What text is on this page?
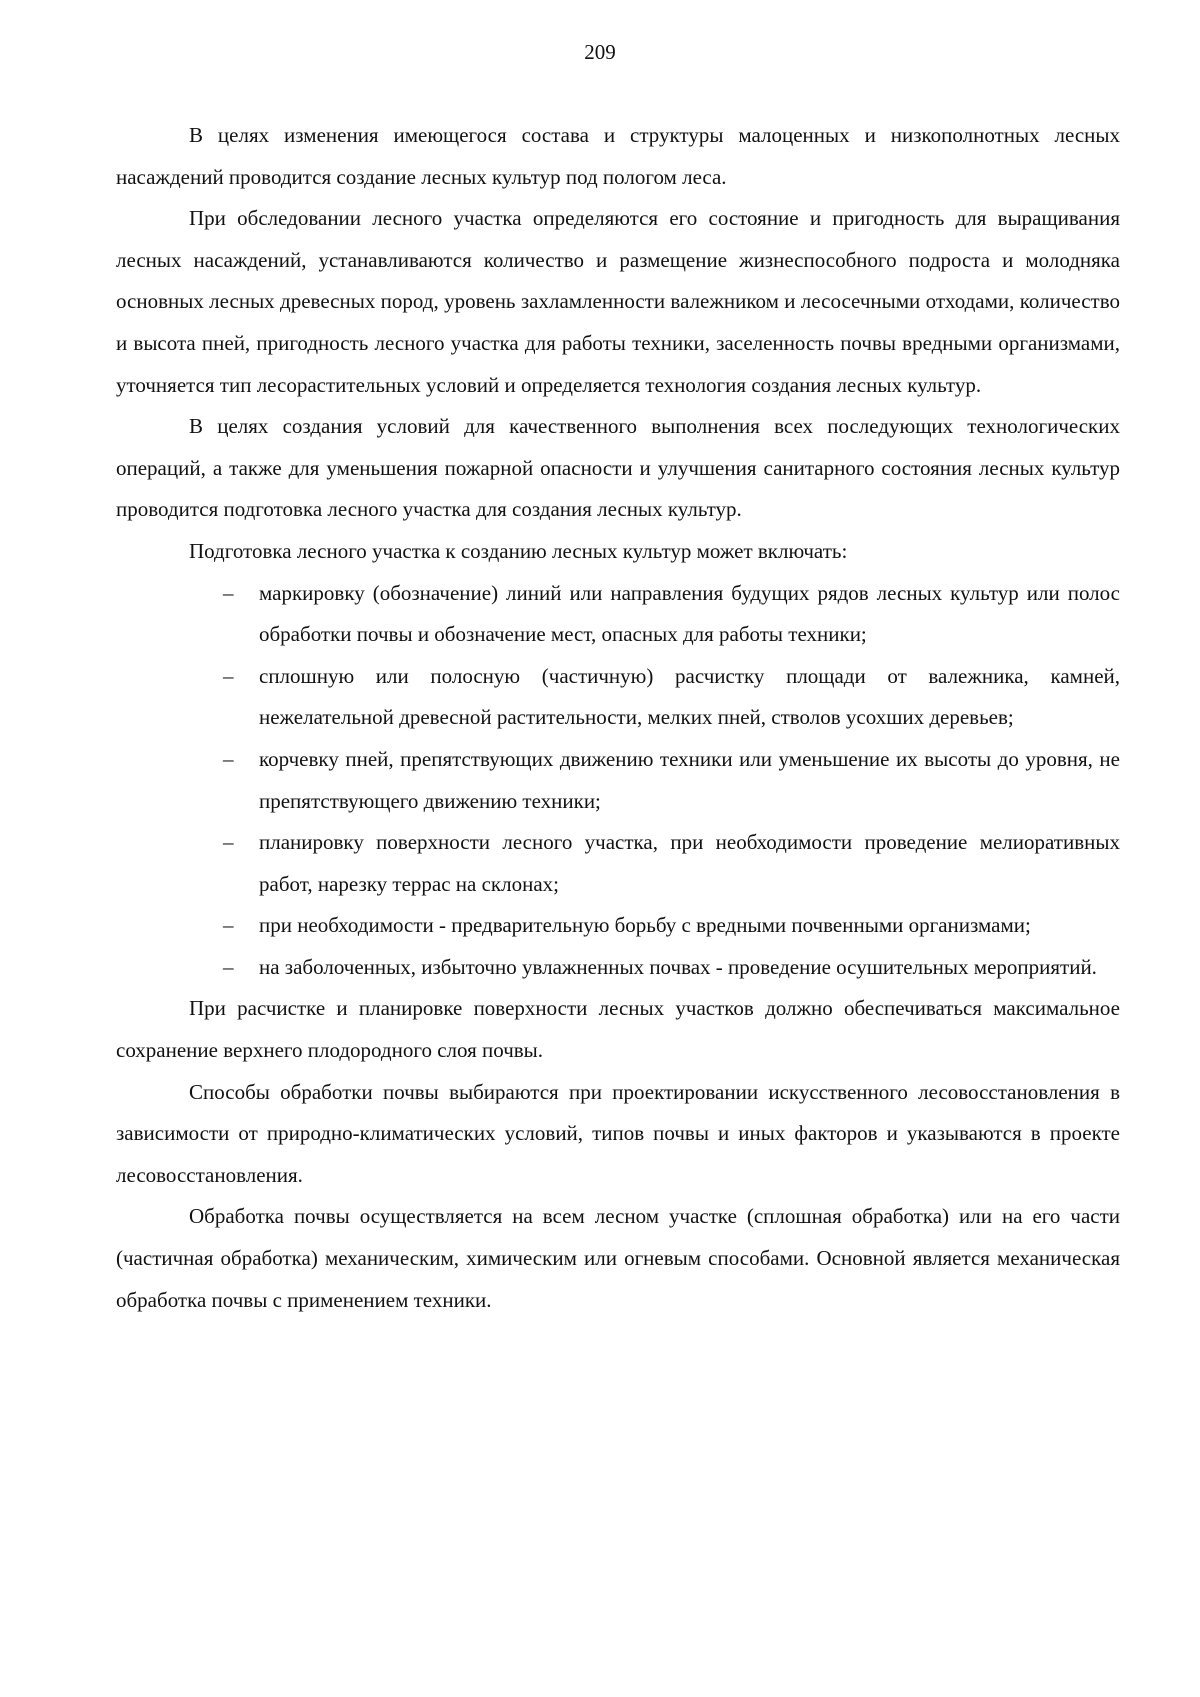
209

В целях изменения имеющегося состава и структуры малоценных и низкополнотных лесных насаждений проводится создание лесных культур под пологом леса.

При обследовании лесного участка определяются его состояние и пригодность для выращивания лесных насаждений, устанавливаются количество и размещение жизнеспособного подроста и молодняка основных лесных древесных пород, уровень захламленности валежником и лесосечными отходами, количество и высота пней, пригодность лесного участка для работы техники, заселенность почвы вредными организмами, уточняется тип лесорастительных условий и определяется технология создания лесных культур.

В целях создания условий для качественного выполнения всех последующих технологических операций, а также для уменьшения пожарной опасности и улучшения санитарного состояния лесных культур проводится подготовка лесного участка для создания лесных культур.

Подготовка лесного участка к созданию лесных культур может включать:

– маркировку (обозначение) линий или направления будущих рядов лесных культур или полос обработки почвы и обозначение мест, опасных для работы техники;
– сплошную или полосную (частичную) расчистку площади от валежника, камней, нежелательной древесной растительности, мелких пней, стволов усохших деревьев;
– корчевку пней, препятствующих движению техники или уменьшение их высоты до уровня, не препятствующего движению техники;
– планировку поверхности лесного участка, при необходимости проведение мелиоративных работ, нарезку террас на склонах;
– при необходимости - предварительную борьбу с вредными почвенными организмами;
– на заболоченных, избыточно увлажненных почвах - проведение осушительных мероприятий.

При расчистке и планировке поверхности лесных участков должно обеспечиваться максимальное сохранение верхнего плодородного слоя почвы.

Способы обработки почвы выбираются при проектировании искусственного лесовосстановления в зависимости от природно-климатических условий, типов почвы и иных факторов и указываются в проекте лесовосстановления.

Обработка почвы осуществляется на всем лесном участке (сплошная обработка) или на его части (частичная обработка) механическим, химическим или огневым способами. Основной является механическая обработка почвы с применением техники.
